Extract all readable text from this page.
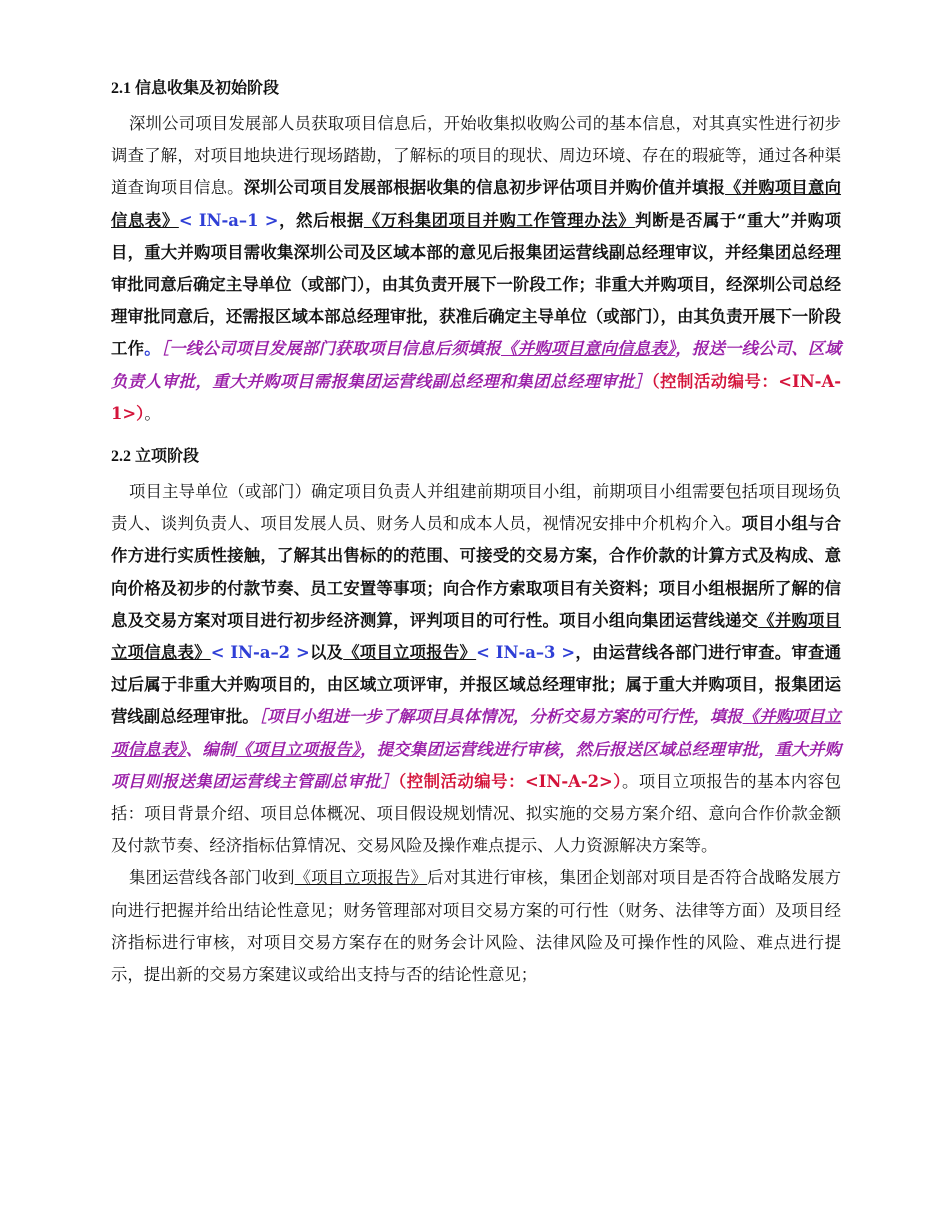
2.1 信息收集及初始阶段

深圳公司项目发展部人员获取项目信息后，开始收集拟收购公司的基本信息，对其真实性进行初步调查了解，对项目地块进行现场踏勘，了解标的项目的现状、周边环境、存在的瑕疵等，通过各种渠道查询项目信息。深圳公司项目发展部根据收集的信息初步评估项目并购价值并填报《并购项目意向信息表》< IN-a–1 >，然后根据《万科集团项目并购工作管理办法》判断是否属于“重大”并购项目，重大并购项目需收集深圳公司及区域本部的意见后报集团运营线副总经理审议，并经集团总经理审批同意后确定主导单位（或部门），由其负责开展下一阶段工作；非重大并购项目，经深圳公司总经理审批同意后，还需报区域本部总经理审批，获准后确定主导单位（或部门），由其负责开展下一阶段工作。［一线公司项目发展部门获取项目信息后须填报《并购项目意向信息表》，报送一线公司、区域负责人审批，重大并购项目需报集团运营线副总经理和集团总经理审批］（控制活动编号：<IN-A-1>）。

2.2 立项阶段

项目主导单位（或部门）确定项目负责人并组建前期项目小组，前期项目小组需要包括项目现场负责人、谈判负责人、项目发展人员、财务人员和成本人员，视情况安排中介机构介入。项目小组与合作方进行实质性接触，了解其出售标的的范围、可接受的交易方案，合作价款的计算方式及构成、意向价格及初步的付款节奏、员工安置等事项；向合作方索取项目有关资料；项目小组根据所了解的信息及交易方案对项目进行初步经济测算，评判项目的可行性。项目小组向集团运营线递交《并购项目立项信息表》< IN-a–2 >以及《项目立项报告》< IN-a–3 >，由运营线各部门进行审查。审查通过后属于非重大并购项目的，由区域立项评审，并报区域总经理审批；属于重大并购项目，报集团运营线副总经理审批。［项目小组进一步了解项目具体情况，分析交易方案的可行性，填报《并购项目立项信息表》、编制《项目立项报告》，提交集团运营线进行审核，然后报送区域总经理审批，重大并购项目则报送集团运营线主管副总审批］（控制活动编号：<IN-A-2>）。项目立项报告的基本内容包括：项目背景介绍、项目总体概况、项目假设规划情况、拟实施的交易方案介绍、意向合作价款金额及付款节奏、经济指标估算情况、交易风险及操作难点提示、人力资源解决方案等。

集团运营线各部门收到《项目立项报告》后对其进行审核，集团企划部对项目是否符合战略发展方向进行把握并给出结论性意见；财务管理部对项目交易方案的可行性（财务、法律等方面）及项目经济指标进行审核，对项目交易方案存在的财务会计风险、法律风险及可操作性的风险、难点进行提示，提出新的交易方案建议或给出支持与否的结论性意见；
